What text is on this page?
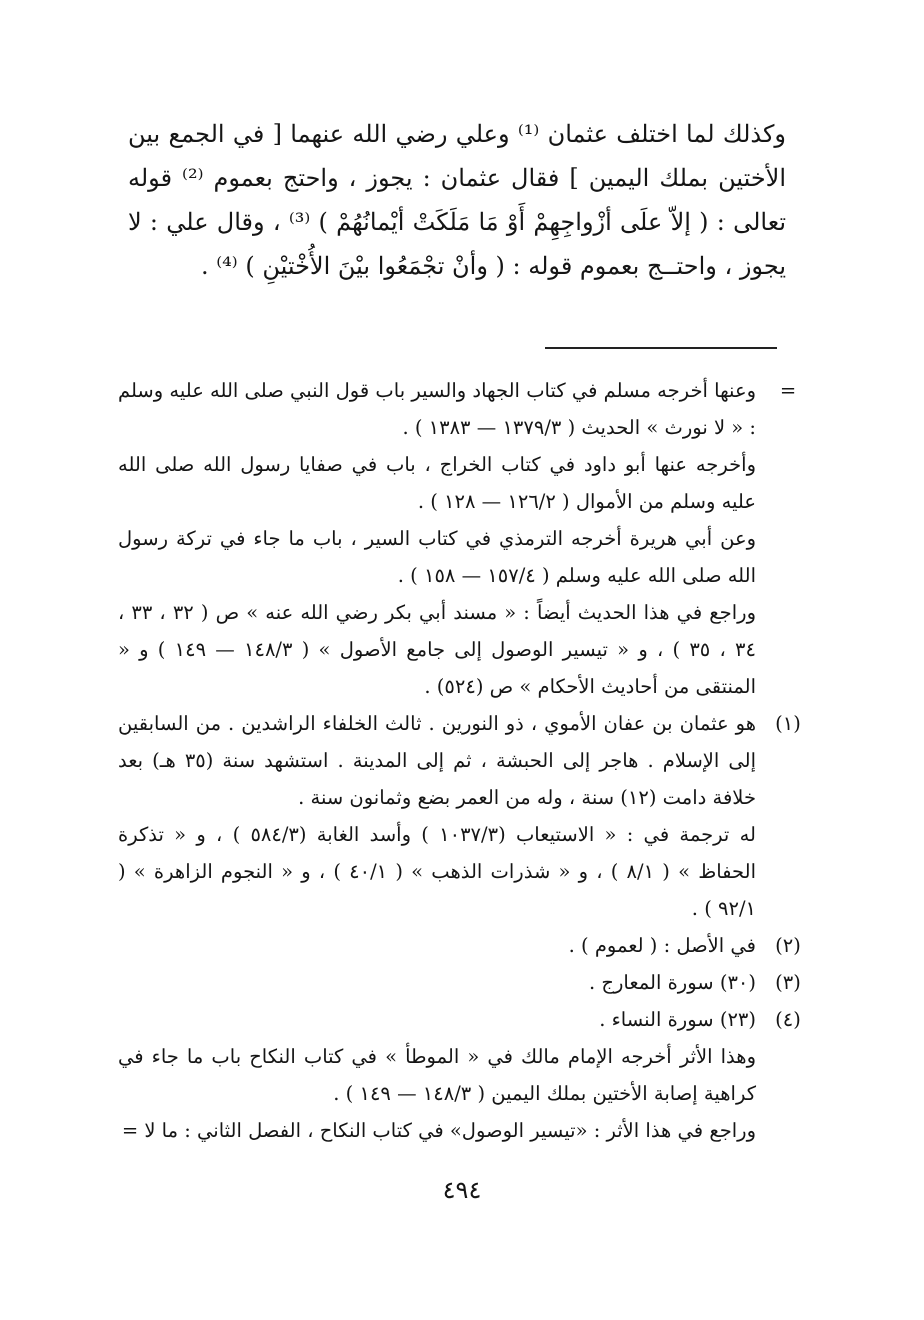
وكذلك لما اختلف عثمان ⁽¹⁾ وعلي رضي الله عنهما [ في الجمع بين الأختين بملك اليمين ] فقال عثمان : يجوز ، واحتج بعموم ⁽²⁾ قوله تعالى : ( إلاّ علَى أزْواجِهِمْ أَوْ مَا مَلَكَتْ أيْمانُهُمْ ) ⁽³⁾ ، وقال علي : لا يجوز ، واحتــج بعموم قوله : ( وأنْ تجْمَعُوا بيْنَ الأُخْتيْنِ ) ⁽⁴⁾ .

=

وعنها أخرجه مسلم في كتاب الجهاد والسير باب قول النبي صلى الله عليه وسلم : « لا نورث » الحديث ( ١٣٧٩/٣ — ١٣٨٣ ) .

وأخرجه عنها أبو داود في كتاب الخراج ، باب في صفايا رسول الله صلى الله عليه وسلم من الأموال ( ١٢٦/٢ — ١٢٨ ) .

وعن أبي هريرة أخرجه الترمذي في كتاب السير ، باب ما جاء في تركة رسول الله صلى الله عليه وسلم ( ١٥٧/٤ — ١٥٨ ) .

وراجع في هذا الحديث أيضاً : « مسند أبي بكر رضي الله عنه » ص ( ٣٢ ، ٣٣ ، ٣٤ ، ٣٥ ) ، و « تيسير الوصول إلى جامع الأصول » ( ١٤٨/٣ — ١٤٩ ) و « المنتقى من أحاديث الأحكام » ص (٥٢٤) .

(١)

هو عثمان بن عفان الأموي ، ذو النورين . ثالث الخلفاء الراشدين . من السابقين إلى الإسلام . هاجر إلى الحبشة ، ثم إلى المدينة . استشهد سنة (٣٥ هـ) بعد خلافة دامت (١٢) سنة ، وله من العمر بضع وثمانون سنة .

له ترجمة في : « الاستيعاب (١٠٣٧/٣ ) وأسد الغابة (٥٨٤/٣ ) ، و « تذكرة الحفاظ » ( ٨/١ ) ، و « شذرات الذهب » ( ٤٠/١ ) ، و « النجوم الزاهرة » ( ٩٢/١ ) .

(٢)

في الأصل : ( لعموم ) .

(٣)

(٣٠) سورة المعارج .

(٤)

(٢٣) سورة النساء .

وهذا الأثر أخرجه الإمام مالك في « الموطأ » في كتاب النكاح باب ما جاء في كراهية إصابة الأختين بملك اليمين ( ١٤٨/٣ — ١٤٩ ) .

وراجع في هذا الأثر : «تيسير الوصول» في كتاب النكاح ، الفصل الثاني : ما لا =

٤٩٤
